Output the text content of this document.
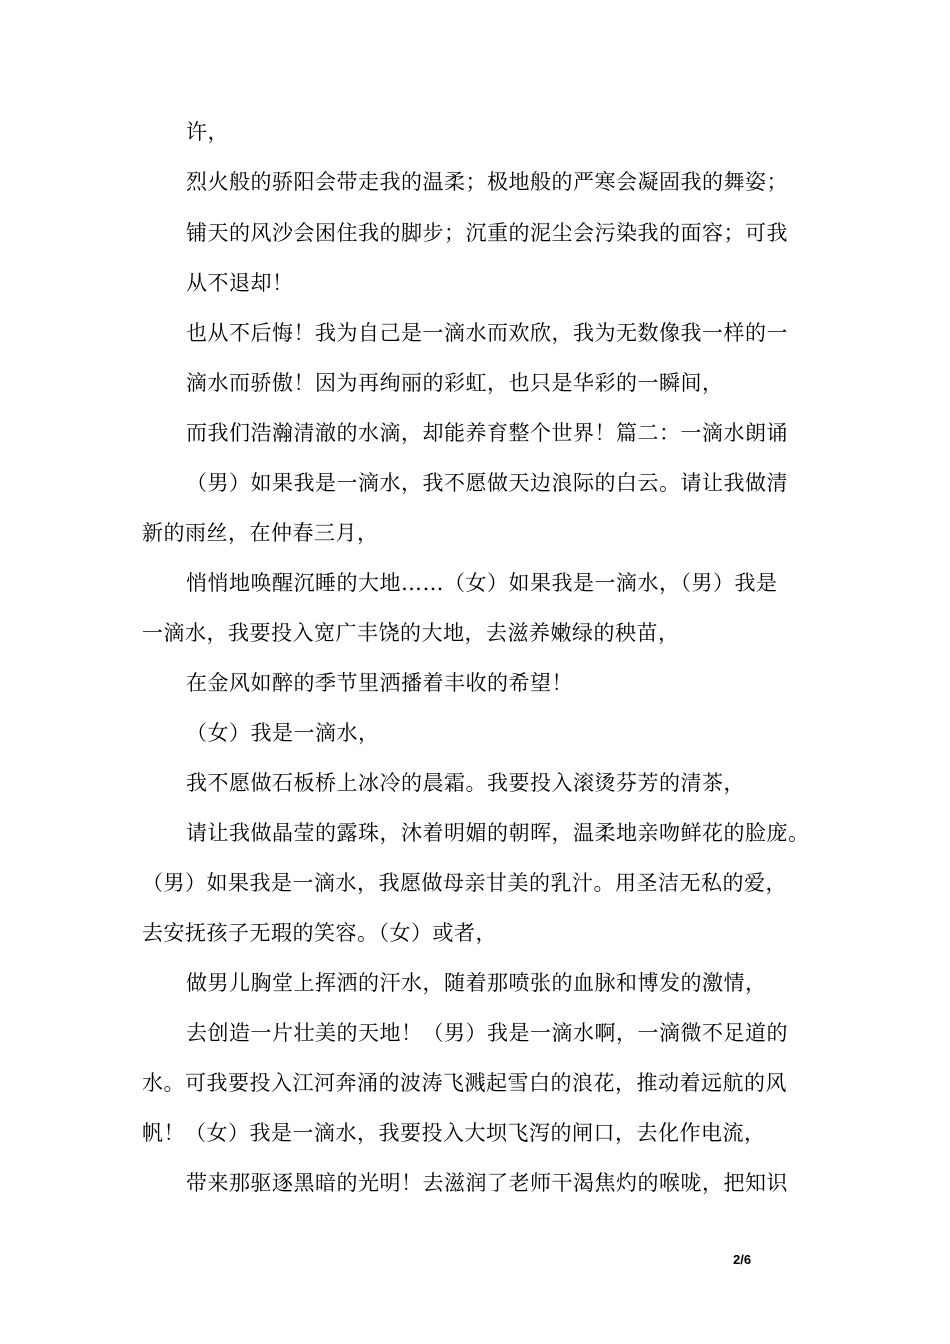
许，
烈火般的骄阳会带走我的温柔；极地般的严寒会凝固我的舞姿；
铺天的风沙会困住我的脚步；沉重的泥尘会污染我的面容；可我
从不退却！
也从不后悔！我为自己是一滴水而欢欣，我为无数像我一样的一
滴水而骄傲！因为再绚丽的彩虹，也只是华彩的一瞬间，
而我们浩瀚清澈的水滴，却能养育整个世界！篇二：一滴水朗诵
（男）如果我是一滴水，我不愿做天边浪际的白云。请让我做清
新的雨丝，在仲春三月，
悄悄地唤醒沉睡的大地……（女）如果我是一滴水，（男）我是
一滴水，我要投入宽广丰饶的大地，去滋养嫩绿的秧苗，
在金风如醉的季节里洒播着丰收的希望！
（女）我是一滴水，
我不愿做石板桥上冰冷的晨霜。我要投入滚烫芬芳的清茶，
请让我做晶莹的露珠，沐着明媚的朝晖，温柔地亲吻鲜花的脸庞。
（男）如果我是一滴水，我愿做母亲甘美的乳汁。用圣洁无私的爱，
去安抚孩子无瑕的笑容。（女）或者，
做男儿胸堂上挥洒的汗水，随着那喷张的血脉和博发的激情，
去创造一片壮美的天地！（男）我是一滴水啊，一滴微不足道的
水。可我要投入江河奔涌的波涛飞溅起雪白的浪花，推动着远航的风
帆！（女）我是一滴水，我要投入大坝飞泻的闸口，去化作电流，
带来那驱逐黑暗的光明！去滋润了老师干渴焦灼的喉咙，把知识
2/6
